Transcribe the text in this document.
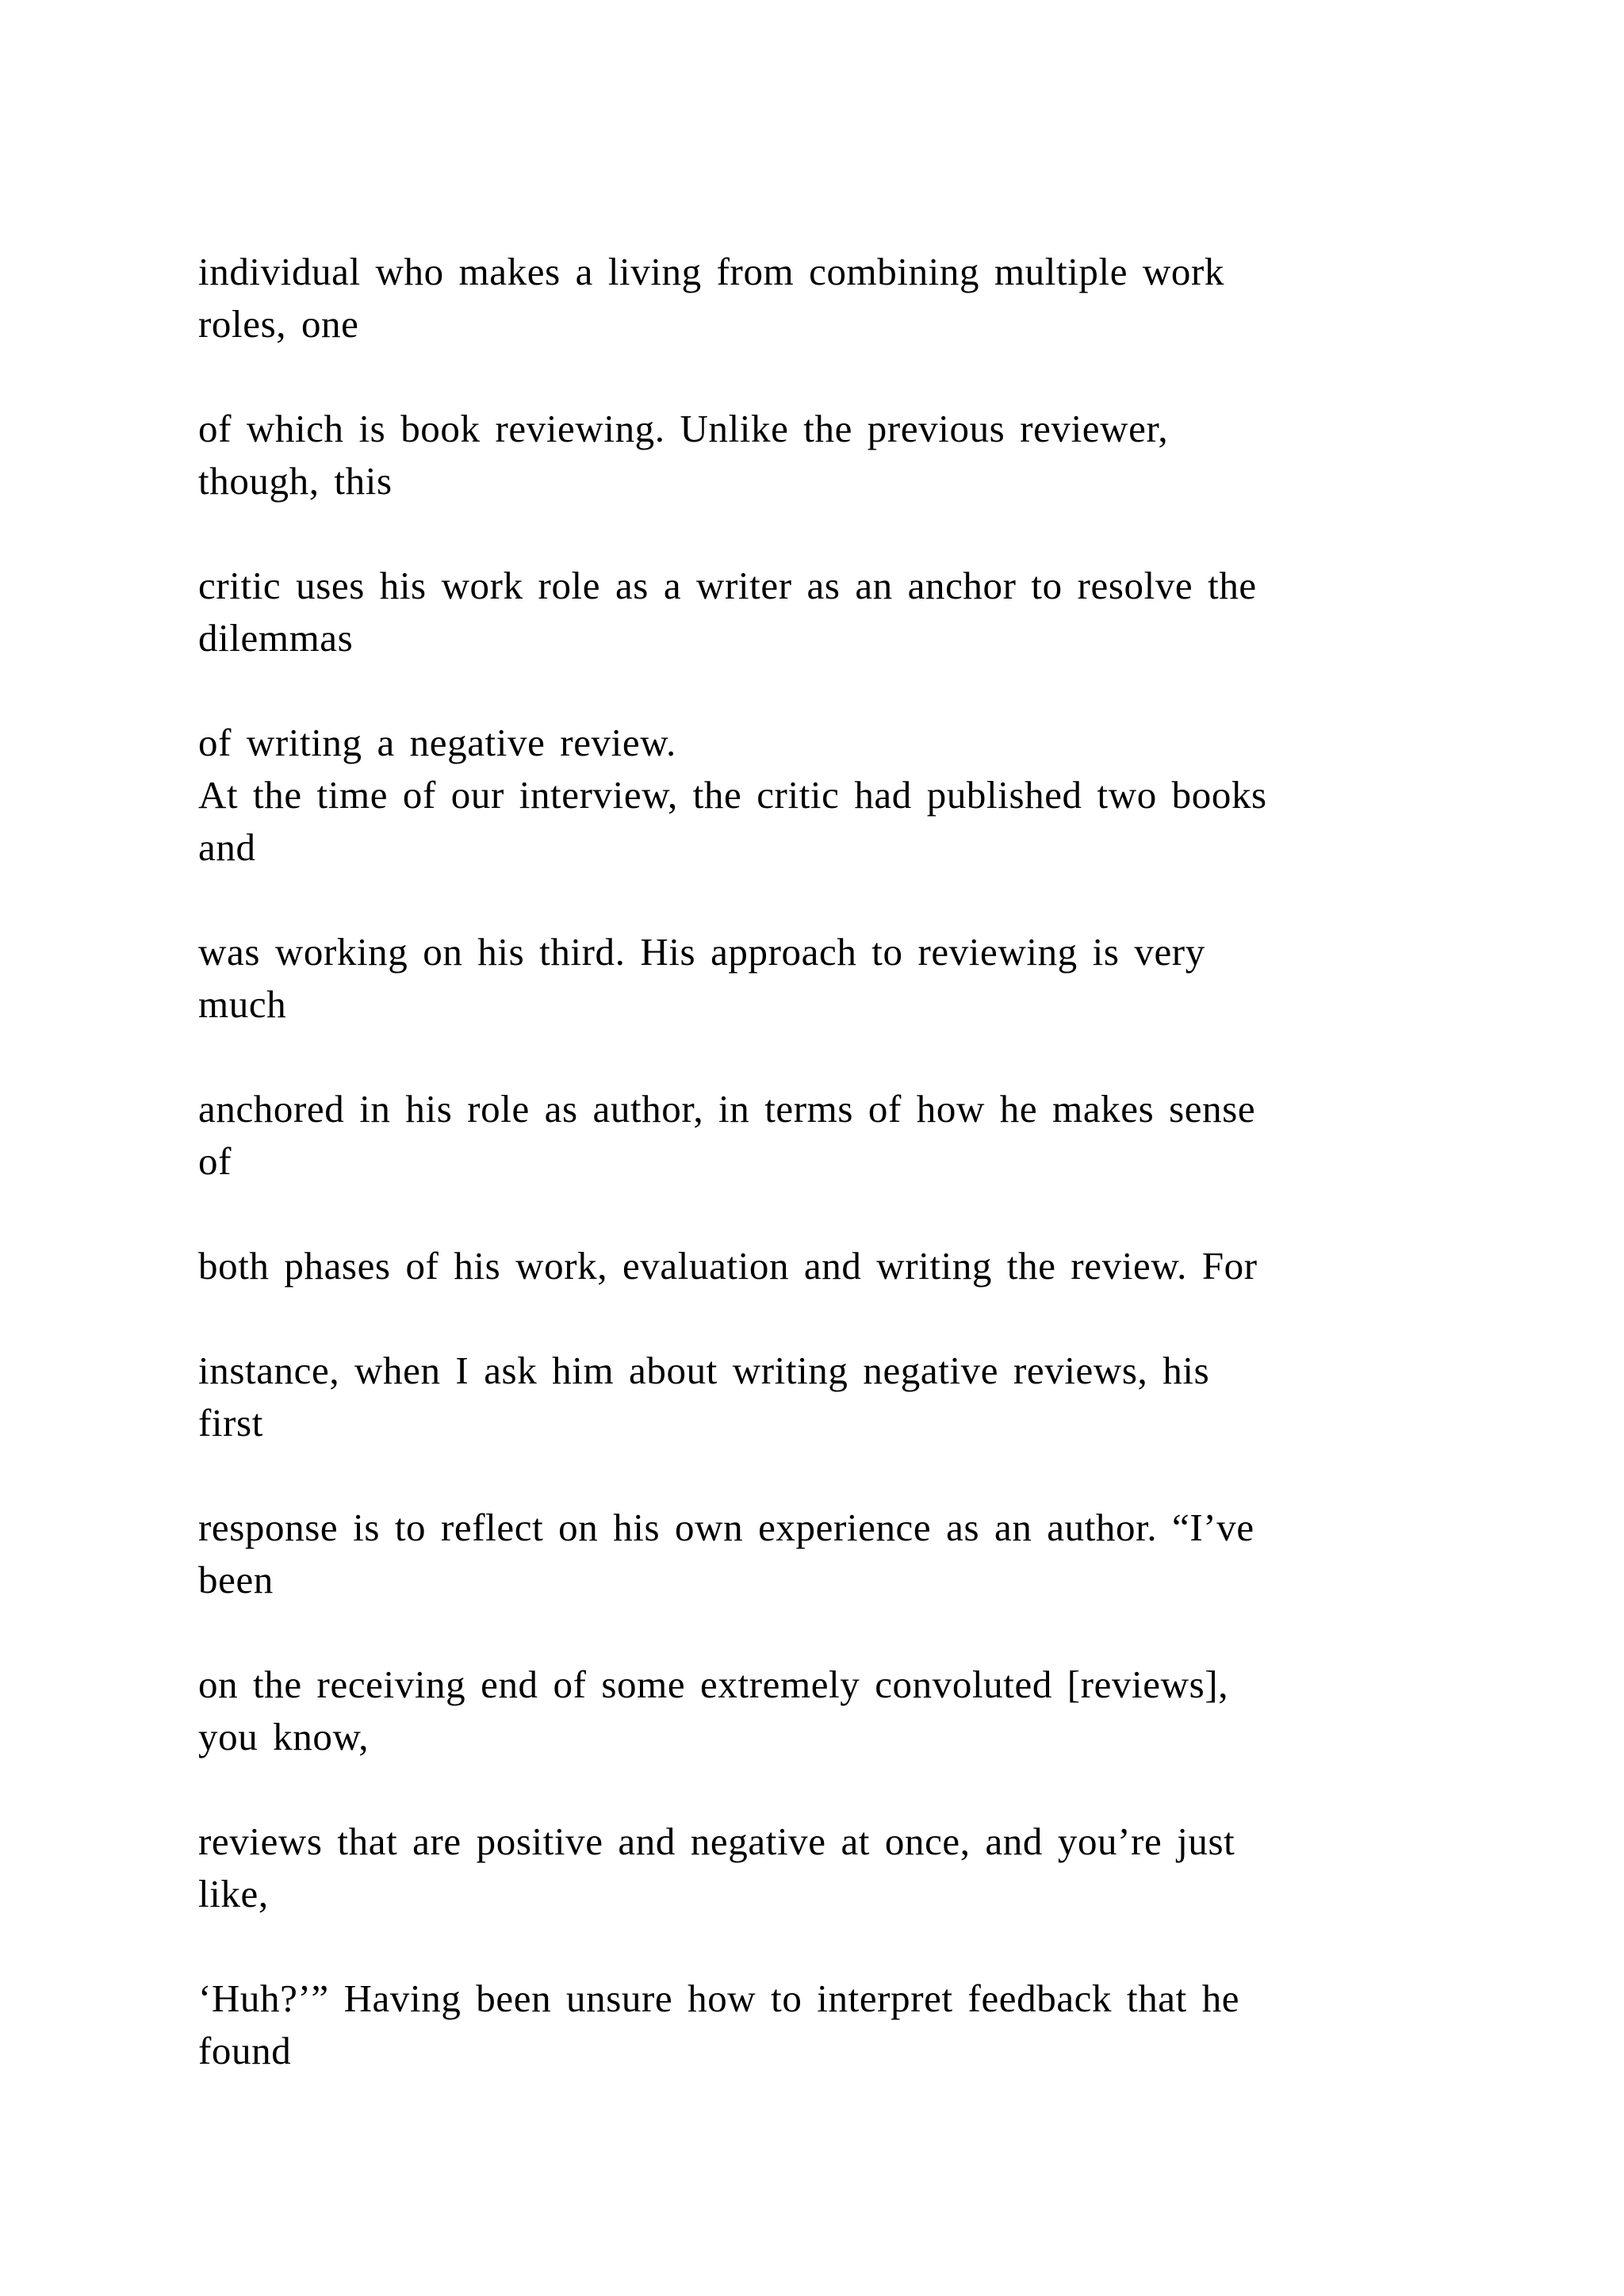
individual who makes a living from combining multiple work
roles, one

of which is book reviewing. Unlike the previous reviewer,
though, this

critic uses his work role as a writer as an anchor to resolve the
dilemmas

of writing a negative review.

At the time of our interview, the critic had published two books
and

was working on his third. His approach to reviewing is very
much

anchored in his role as author, in terms of how he makes sense
of

both phases of his work, evaluation and writing the review. For

instance, when I ask him about writing negative reviews, his
first

response is to reflect on his own experience as an author. “I’ve
been

on the receiving end of some extremely convoluted [reviews],
you know,

reviews that are positive and negative at once, and you’re just
like,

‘Huh?’” Having been unsure how to interpret feedback that he
found
